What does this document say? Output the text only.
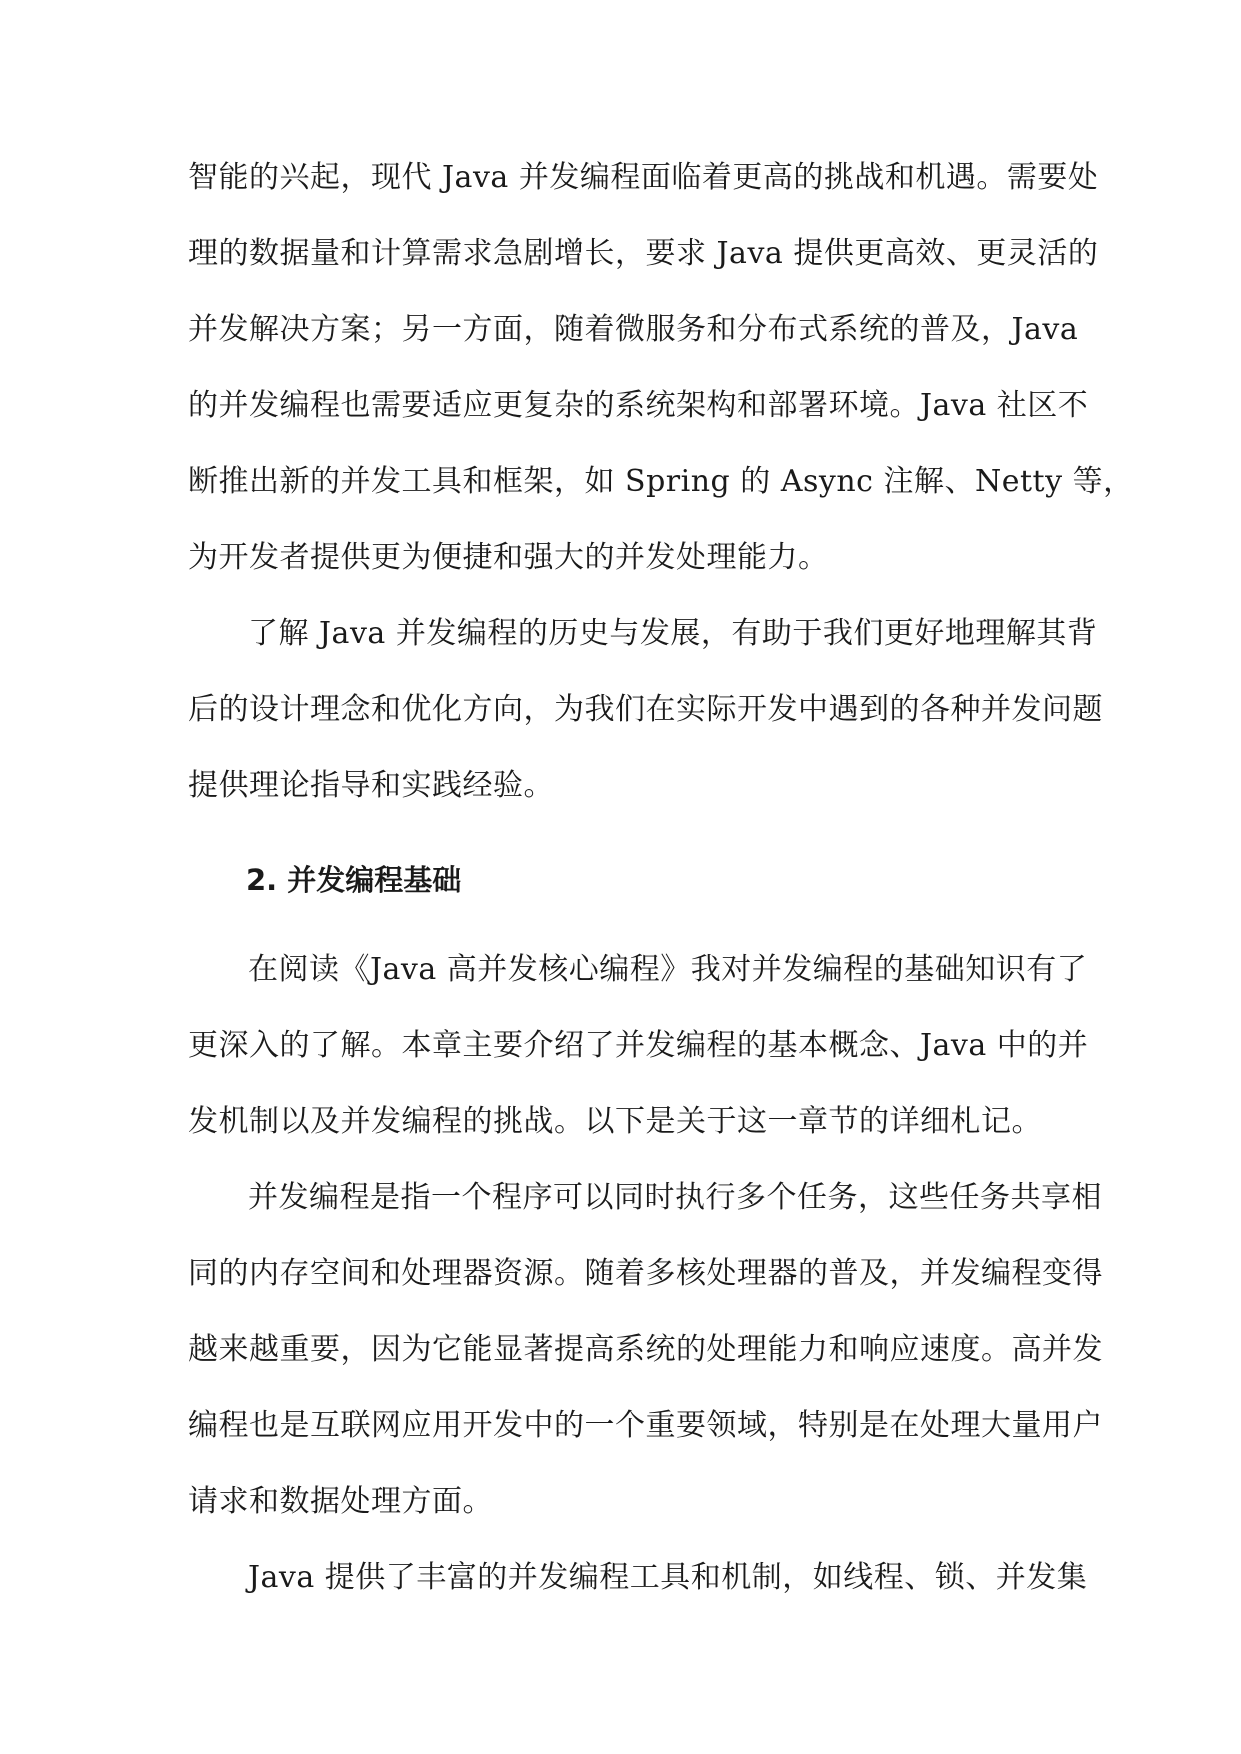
智能的兴起，现代 Java 并发编程面临着更高的挑战和机遇。需要处
理的数据量和计算需求急剧增长，要求 Java 提供更高效、更灵活的
并发解决方案；另一方面，随着微服务和分布式系统的普及，Java
的并发编程也需要适应更复杂的系统架构和部署环境。Java 社区不
断推出新的并发工具和框架，如 Spring 的 Async 注解、Netty 等，
为开发者提供更为便捷和强大的并发处理能力。
了解 Java 并发编程的历史与发展，有助于我们更好地理解其背
后的设计理念和优化方向，为我们在实际开发中遇到的各种并发问题
提供理论指导和实践经验。
2. 并发编程基础
在阅读《Java 高并发核心编程》我对并发编程的基础知识有了
更深入的了解。本章主要介绍了并发编程的基本概念、Java 中的并
发机制以及并发编程的挑战。以下是关于这一章节的详细札记。
并发编程是指一个程序可以同时执行多个任务，这些任务共享相
同的内存空间和处理器资源。随着多核处理器的普及，并发编程变得
越来越重要，因为它能显著提高系统的处理能力和响应速度。高并发
编程也是互联网应用开发中的一个重要领域，特别是在处理大量用户
请求和数据处理方面。
Java 提供了丰富的并发编程工具和机制，如线程、锁、并发集
